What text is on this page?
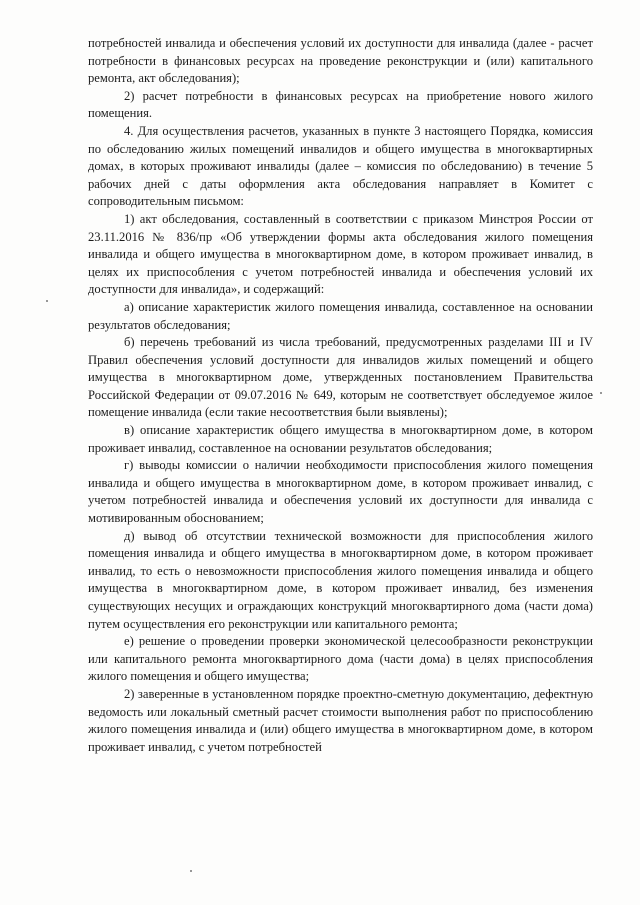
потребностей инвалида и обеспечения условий их доступности для инвалида (далее - расчет потребности в финансовых ресурсах на проведение реконструкции и (или) капитального ремонта, акт обследования);

2) расчет потребности в финансовых ресурсах на приобретение нового жилого помещения.

4. Для осуществления расчетов, указанных в пункте 3 настоящего Порядка, комиссия по обследованию жилых помещений инвалидов и общего имущества в многоквартирных домах, в которых проживают инвалиды (далее – комиссия по обследованию) в течение 5 рабочих дней с даты оформления акта обследования направляет в Комитет с сопроводительным письмом:

1) акт обследования, составленный в соответствии с приказом Минстроя России от 23.11.2016 № 836/пр «Об утверждении формы акта обследования жилого помещения инвалида и общего имущества в многоквартирном доме, в котором проживает инвалид, в целях их приспособления с учетом потребностей инвалида и обеспечения условий их доступности для инвалида», и содержащий:

а) описание характеристик жилого помещения инвалида, составленное на основании результатов обследования;

б) перечень требований из числа требований, предусмотренных разделами III и IV Правил обеспечения условий доступности для инвалидов жилых помещений и общего имущества в многоквартирном доме, утвержденных постановлением Правительства Российской Федерации от 09.07.2016 № 649, которым не соответствует обследуемое жилое помещение инвалида (если такие несоответствия были выявлены);

в) описание характеристик общего имущества в многоквартирном доме, в котором проживает инвалид, составленное на основании результатов обследования;

г) выводы комиссии о наличии необходимости приспособления жилого помещения инвалида и общего имущества в многоквартирном доме, в котором проживает инвалид, с учетом потребностей инвалида и обеспечения условий их доступности для инвалида с мотивированным обоснованием;

д) вывод об отсутствии технической возможности для приспособления жилого помещения инвалида и общего имущества в многоквартирном доме, в котором проживает инвалид, то есть о невозможности приспособления жилого помещения инвалида и общего имущества в многоквартирном доме, в котором проживает инвалид, без изменения существующих несущих и ограждающих конструкций многоквартирного дома (части дома) путем осуществления его реконструкции или капитального ремонта;

е) решение о проведении проверки экономической целесообразности реконструкции или капитального ремонта многоквартирного дома (части дома) в целях приспособления жилого помещения и общего имущества;

2) заверенные в установленном порядке проектно-сметную документацию, дефектную ведомость или локальный сметный расчет стоимости выполнения работ по приспособлению жилого помещения инвалида и (или) общего имущества в многоквартирном доме, в котором проживает инвалид, с учетом потребностей
